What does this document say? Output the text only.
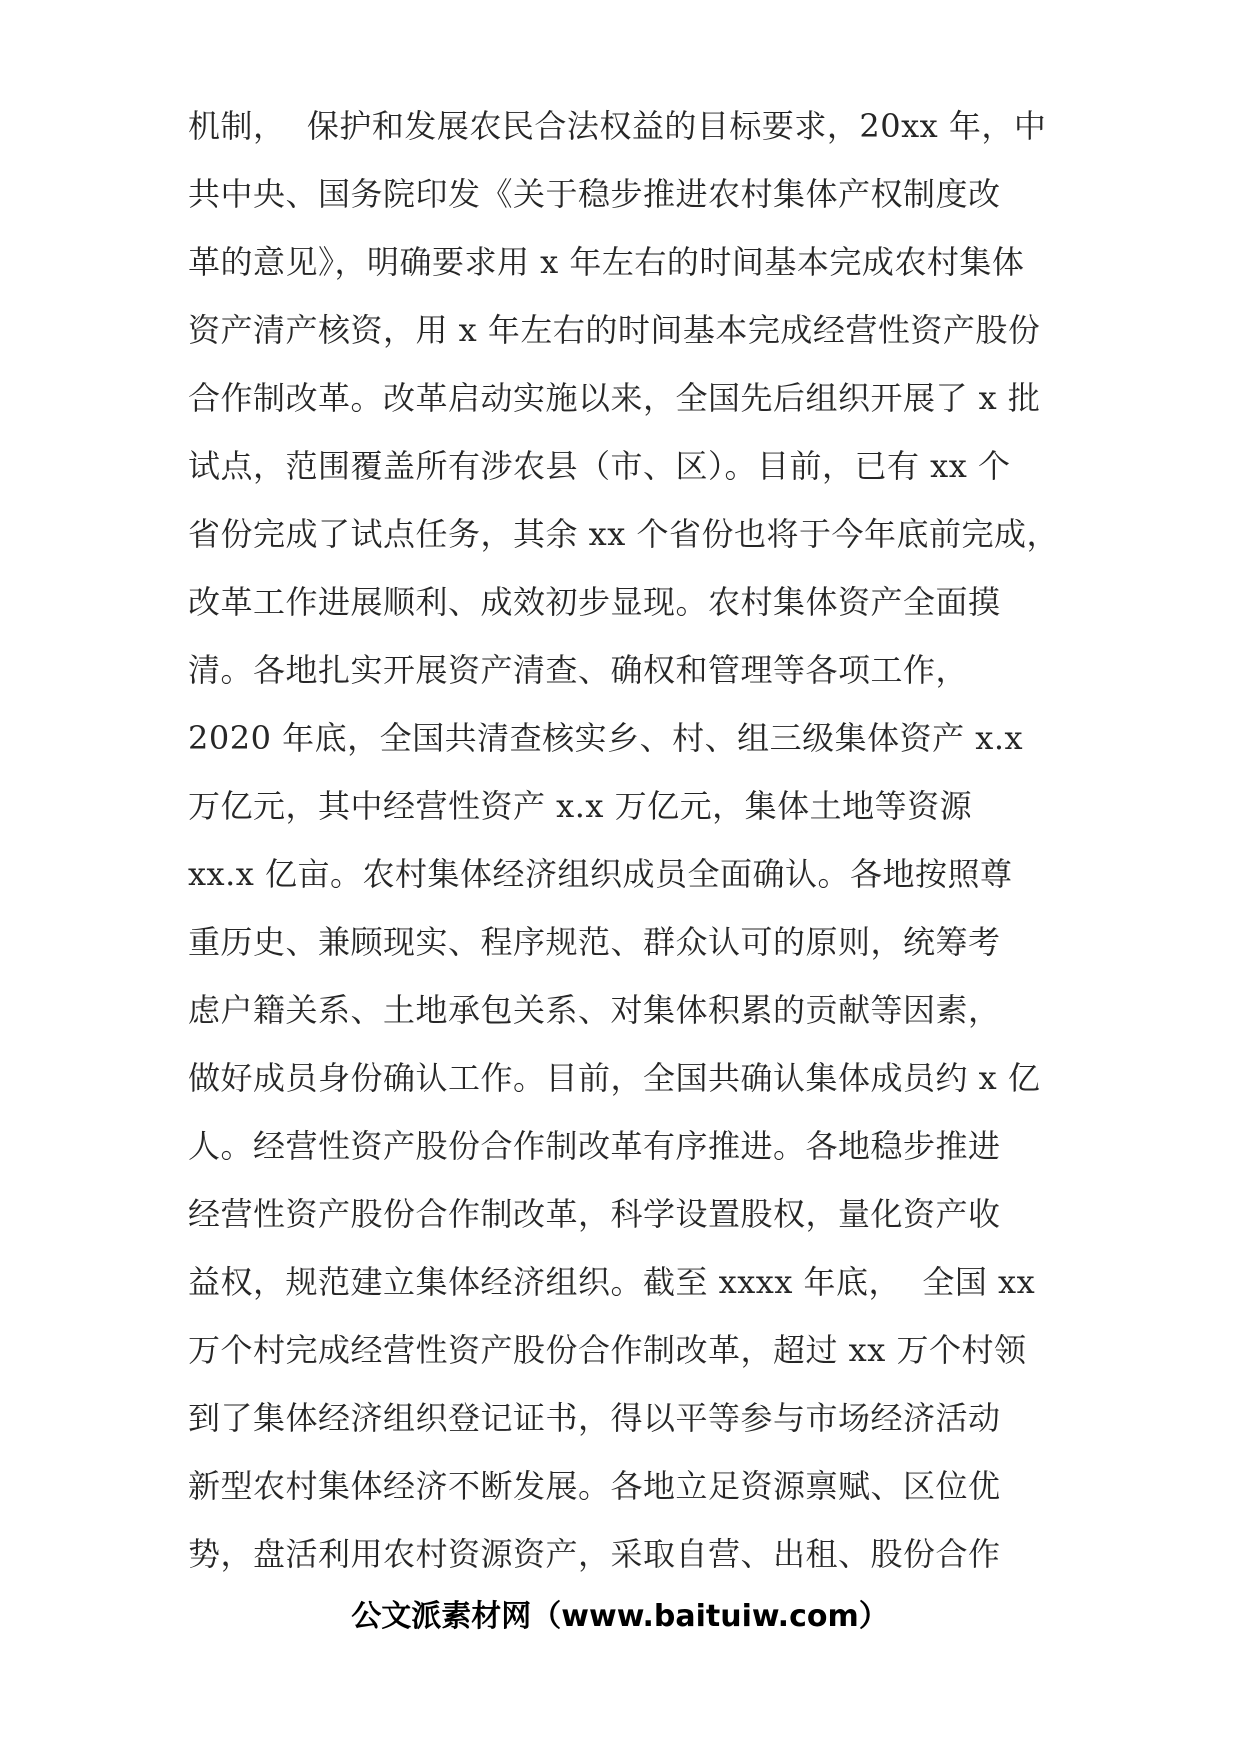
机制，  保护和发展农民合法权益的目标要求，20xx 年，中
共中央、国务院印发《关于稳步推进农村集体产权制度改
革的意见》，明确要求用 x 年左右的时间基本完成农村集体
资产清产核资，用 x 年左右的时间基本完成经营性资产股份
合作制改革。改革启动实施以来，全国先后组织开展了 x 批
试点，范围覆盖所有涉农县（市、区）。目前，已有 xx 个
省份完成了试点任务，其余 xx 个省份也将于今年底前完成，
改革工作进展顺利、成效初步显现。农村集体资产全面摸
清。各地扎实开展资产清查、确权和管理等各项工作，
2020 年底，全国共清查核实乡、村、组三级集体资产 x.x
万亿元，其中经营性资产 x.x 万亿元，集体土地等资源
xx.x 亿亩。农村集体经济组织成员全面确认。各地按照尊
重历史、兼顾现实、程序规范、群众认可的原则，统筹考
虑户籍关系、土地承包关系、对集体积累的贡献等因素，
做好成员身份确认工作。目前，全国共确认集体成员约 x 亿
人。经营性资产股份合作制改革有序推进。各地稳步推进
经营性资产股份合作制改革，科学设置股权，量化资产收
益权，规范建立集体经济组织。截至 xxxx 年底，  全国 xx
万个村完成经营性资产股份合作制改革，超过 xx 万个村领
到了集体经济组织登记证书，得以平等参与市场经济活动
新型农村集体经济不断发展。各地立足资源禀赋、区位优
势，盘活利用农村资源资产，采取自营、出租、股份合作
公文派素材网（www.baituiw.com）
